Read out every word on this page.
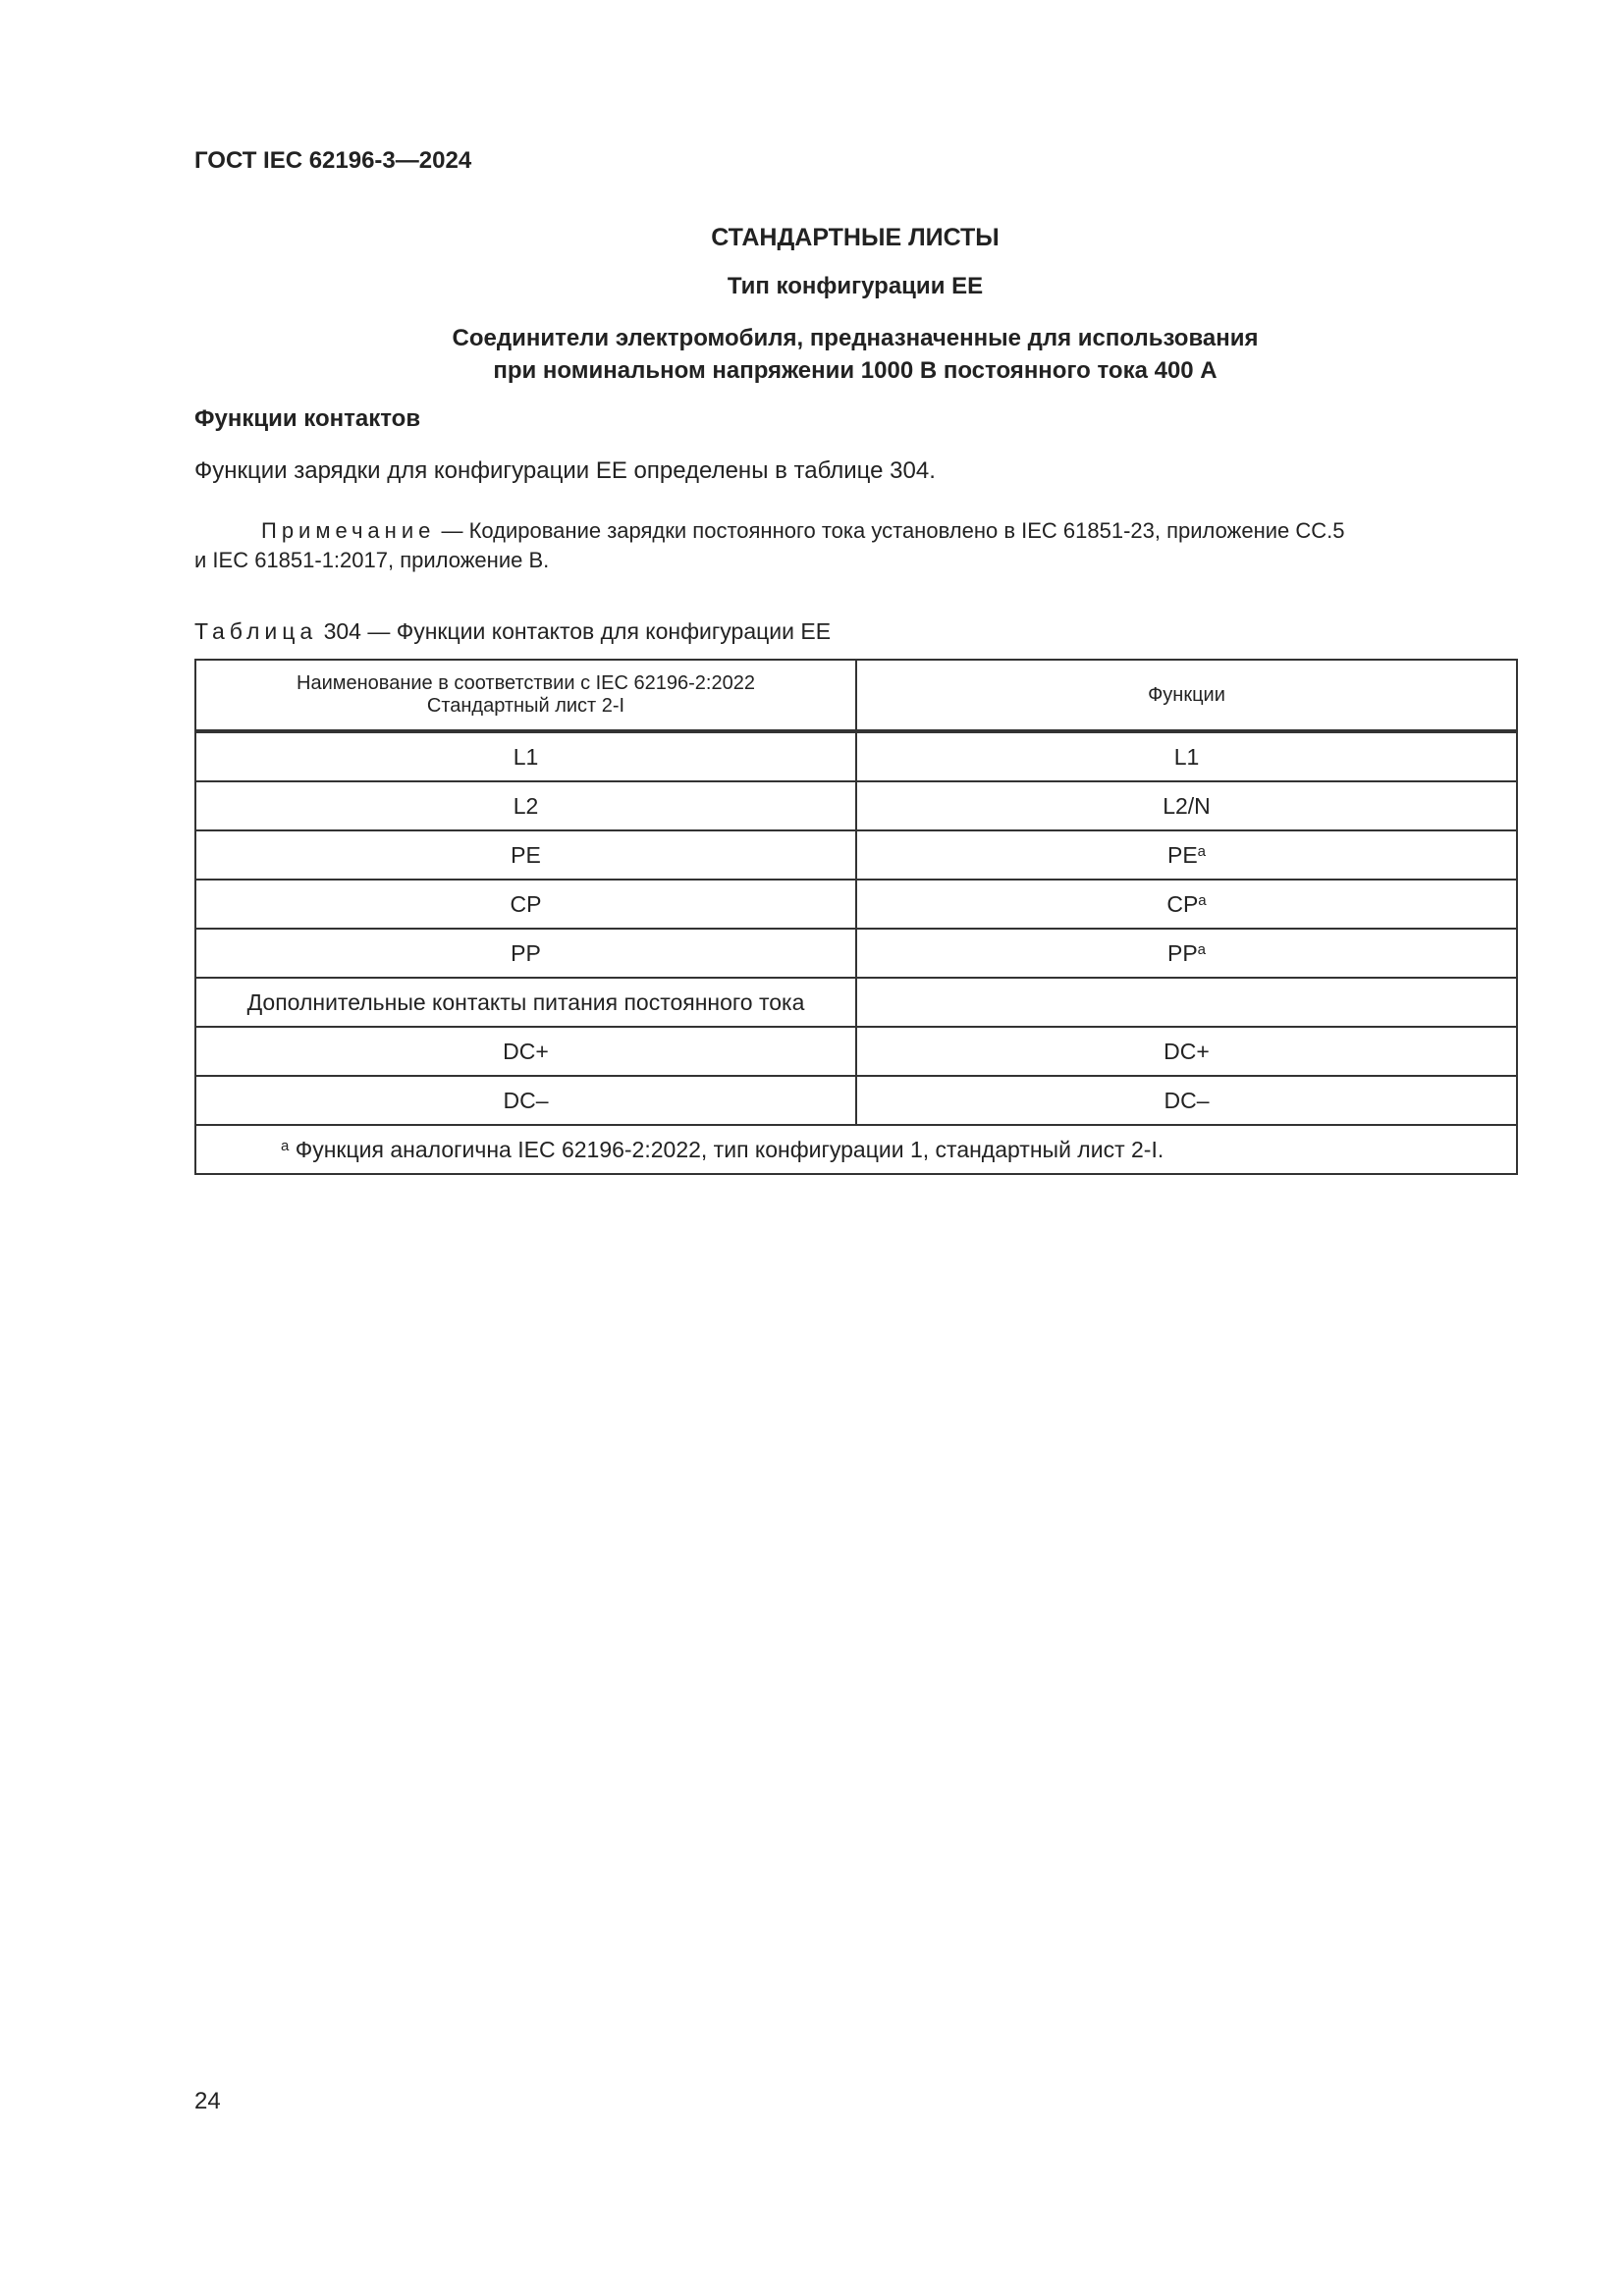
ГОСТ IEC 62196-3—2024
СТАНДАРТНЫЕ ЛИСТЫ
Тип конфигурации EE
Соединители электромобиля, предназначенные для использования
при номинальном напряжении 1000 В постоянного тока 400 А
Функции контактов
Функции зарядки для конфигурации EE определены в таблице 304.
Примечание — Кодирование зарядки постоянного тока установлено в IEC 61851-23, приложение CC.5
и IEC 61851-1:2017, приложение B.
Таблица 304 — Функции контактов для конфигурации EE
Наименование в соответствии с IEC 62196-2:2022
Стандартный лист 2-I	Функции
L1	L1
L2	L2/N
PE	$PE^a$
CP	$CP^a$
PP	$PP^a$
Дополнительные контакты питания постоянного тока	
DC+	DC+
DC–	DC–
$^a$ Функция аналогична IEC 62196-2:2022, тип конфигурации 1, стандартный лист 2-I.	
24
